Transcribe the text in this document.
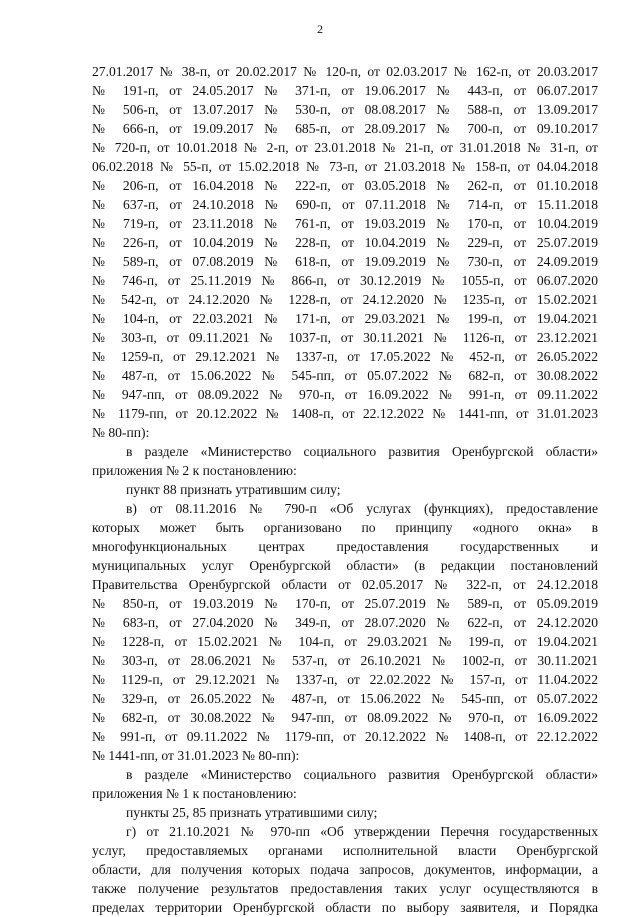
2
27.01.2017 № 38-п, от 20.02.2017 № 120-п, от 02.03.2017 № 162-п, от 20.03.2017
№ 191-п, от 24.05.2017 № 371-п, от 19.06.2017 № 443-п, от 06.07.2017
№ 506-п, от 13.07.2017 № 530-п, от 08.08.2017 № 588-п, от 13.09.2017
№ 666-п, от 19.09.2017 № 685-п, от 28.09.2017 № 700-п, от 09.10.2017
№ 720-п, от 10.01.2018 № 2-п, от 23.01.2018 № 21-п, от 31.01.2018 № 31-п, от
06.02.2018 № 55-п, от 15.02.2018 № 73-п, от 21.03.2018 № 158-п, от 04.04.2018
№ 206-п, от 16.04.2018 № 222-п, от 03.05.2018 № 262-п, от 01.10.2018
№ 637-п, от 24.10.2018 № 690-п, от 07.11.2018 № 714-п, от 15.11.2018
№ 719-п, от 23.11.2018 № 761-п, от 19.03.2019 № 170-п, от 10.04.2019
№ 226-п, от 10.04.2019 № 228-п, от 10.04.2019 № 229-п, от 25.07.2019
№ 589-п, от 07.08.2019 № 618-п, от 19.09.2019 № 730-п, от 24.09.2019
№ 746-п, от 25.11.2019 № 866-п, от 30.12.2019 № 1055-п, от 06.07.2020
№ 542-п, от 24.12.2020 № 1228-п, от 24.12.2020 № 1235-п, от 15.02.2021
№ 104-п, от 22.03.2021 № 171-п, от 29.03.2021 № 199-п, от 19.04.2021
№ 303-п, от 09.11.2021 № 1037-п, от 30.11.2021 № 1126-п, от 23.12.2021
№ 1259-п, от 29.12.2021 № 1337-п, от 17.05.2022 № 452-п, от 26.05.2022
№ 487-п, от 15.06.2022 № 545-пп, от 05.07.2022 № 682-п, от 30.08.2022
№ 947-пп, от 08.09.2022 № 970-п, от 16.09.2022 № 991-п, от 09.11.2022
№ 1179-пп, от 20.12.2022 № 1408-п, от 22.12.2022 № 1441-пп, от 31.01.2023
№ 80-пп):
в разделе «Министерство социального развития Оренбургской области»
приложения № 2 к постановлению:
пункт 88 признать утратившим силу;
в) от 08.11.2016 № 790-п «Об услугах (функциях), предоставление
которых может быть организовано по принципу «одного окна» в
многофункциональных центрах предоставления государственных и
муниципальных услуг Оренбургской области» (в редакции постановлений
Правительства Оренбургской области от 02.05.2017 № 322-п, от 24.12.2018
№ 850-п, от 19.03.2019 № 170-п, от 25.07.2019 № 589-п, от 05.09.2019
№ 683-п, от 27.04.2020 № 349-п, от 28.07.2020 № 622-п, от 24.12.2020
№ 1228-п, от 15.02.2021 № 104-п, от 29.03.2021 № 199-п, от 19.04.2021
№ 303-п, от 28.06.2021 № 537-п, от 26.10.2021 № 1002-п, от 30.11.2021
№ 1129-п, от 29.12.2021 № 1337-п, от 22.02.2022 № 157-п, от 11.04.2022
№ 329-п, от 26.05.2022 № 487-п, от 15.06.2022 № 545-пп, от 05.07.2022
№ 682-п, от 30.08.2022 № 947-пп, от 08.09.2022 № 970-п, от 16.09.2022
№ 991-п, от 09.11.2022 № 1179-пп, от 20.12.2022 № 1408-п, от 22.12.2022
№ 1441-пп, от 31.01.2023 № 80-пп):
в разделе «Министерство социального развития Оренбургской области»
приложения № 1 к постановлению:
пункты 25, 85 признать утратившими силу;
г) от 21.10.2021 № 970-пп «Об утверждении Перечня государственных
услуг, предоставляемых органами исполнительной власти Оренбургской
области, для получения которых подача запросов, документов, информации, а
также получение результатов предоставления таких услуг осуществляются в
пределах территории Оренбургской области по выбору заявителя, и Порядка
